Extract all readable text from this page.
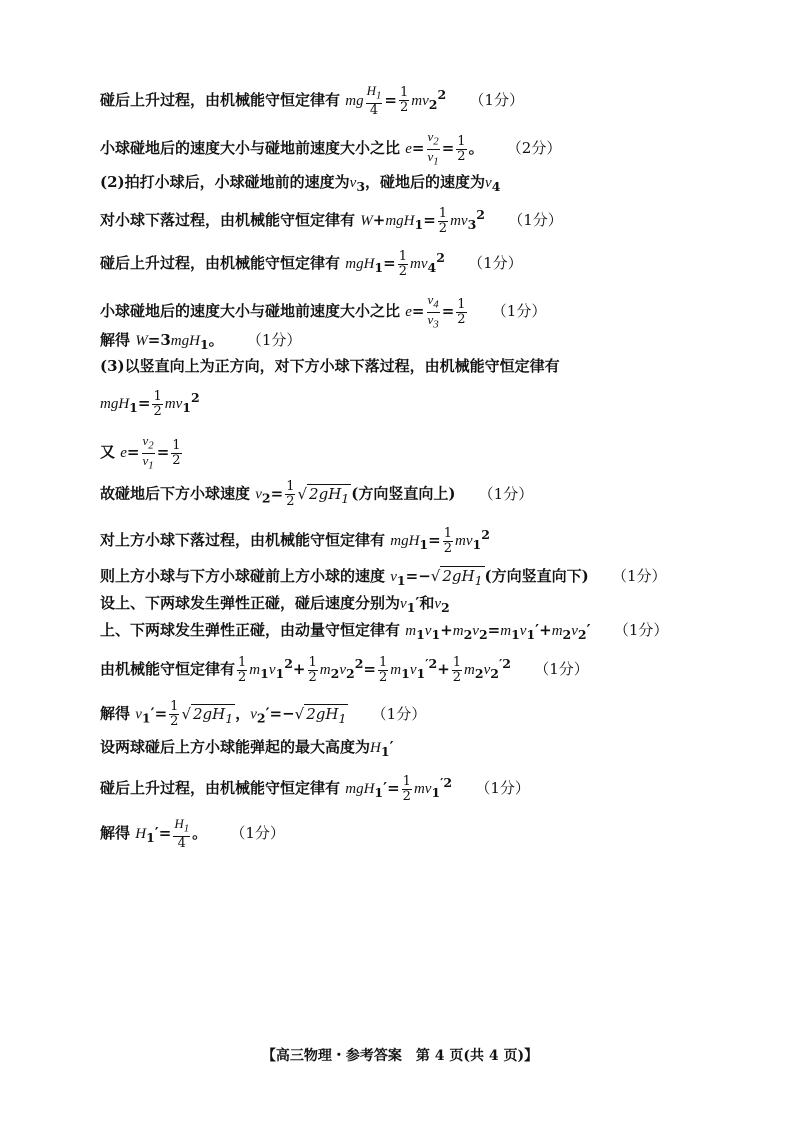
碰后上升过程，由机械能守恒定律有 mg $\frac{H_1}{4} = \frac{1}{2} mv_2^2$ （1分）
小球碰地后的速度大小与碰地前速度大小之比 $e= \frac{v_2}{v_1} = \frac{1}{2}$ 。 （2分）
(2)拍打小球后，小球碰地前的速度为$v_3$，碰地后的速度为$v_4$
对小球下落过程，由机械能守恒定律有 $W+mgH_1= \frac{1}{2} mv_3^2$ （1分）
碰后上升过程，由机械能守恒定律有 $mgH_1= \frac{1}{2} mv_4^2$ （1分）
小球碰地后的速度大小与碰地前速度大小之比 $e= \frac{v_4}{v_3} = \frac{1}{2} (1$分）
解得 W=3mgH$_1$。 （1分）
(3)以竖直向上为正方向，对下方小球下落过程，由机械能守恒定律有
$mgH_1= \frac{1}{2} mv_1^2$
又 $e= \frac{v_2}{v_1} = \frac{1}{2}$
故碰地后下方小球速度 $v_2= \frac{1}{2}$ √ $2gH_1$ (方向竖直向上) （1分）
对上方小球下落过程，由机械能守恒定律有 $mgH_1= \frac{1}{2} mv_1^2$
则上方小球与下方小球碰前上方小球的速度 $v_1=-√$ $2gH_1$ (方向竖直向下) （1分）
设上、下两球发生弹性正碰，碰后速度分别为$v_1'$和$v_2$
上、下两球发生弹性正碰，由动量守恒定律有 $m_1v_1+m_2v_2=m_1v_1'+m_2v_2'$ （1分）
由机械能守恒定律有 $\frac{1}{2} m_1v_1^2+ \frac{1}{2} m_2v_2^2= \frac{1}{2} m_1v_1^{'2}+ \frac{1}{2} m_2v_2^{'2}$ （1分）
解得 $v_1'= \frac{1}{2}$ √ $2gH_1$ ，$v_2'=-√$ $2gH_1$ （1分）
设两球碰后上方小球能弹起的最大高度为$H_1'$
碰后上升过程，由机械能守恒定律有 $mgH_1'= \frac{1}{2} mv_1^{'2}$ （1分）
解得 $H_1'= \frac{H_1}{4}$ 。 （1分）
【高三物理・参考答案　第 4 页(共 4 页)】
